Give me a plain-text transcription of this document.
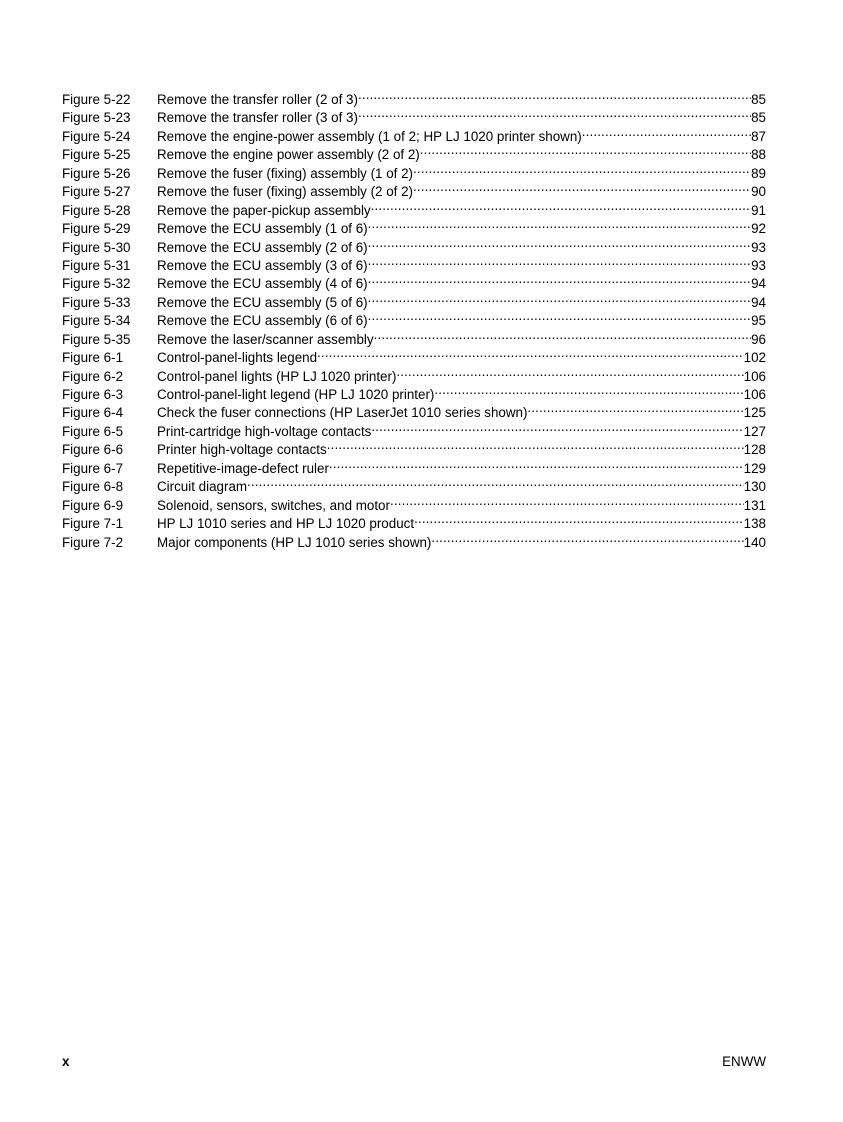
Figure 5-22	Remove the transfer roller (2 of 3) .....	85
Figure 5-23	Remove the transfer roller (3 of 3) .....	85
Figure 5-24	Remove the engine-power assembly (1 of 2; HP LJ 1020 printer shown) .....	87
Figure 5-25	Remove the engine power assembly (2 of 2) .....	88
Figure 5-26	Remove the fuser (fixing) assembly (1 of 2) .....	89
Figure 5-27	Remove the fuser (fixing) assembly (2 of 2) .....	90
Figure 5-28	Remove the paper-pickup assembly .....	91
Figure 5-29	Remove the ECU assembly (1 of 6) .....	92
Figure 5-30	Remove the ECU assembly (2 of 6) .....	93
Figure 5-31	Remove the ECU assembly (3 of 6) .....	93
Figure 5-32	Remove the ECU assembly (4 of 6) .....	94
Figure 5-33	Remove the ECU assembly (5 of 6) .....	94
Figure 5-34	Remove the ECU assembly (6 of 6) .....	95
Figure 5-35	Remove the laser/scanner assembly .....	96
Figure 6-1	Control-panel-lights legend .....	102
Figure 6-2	Control-panel lights (HP LJ 1020 printer) .....	106
Figure 6-3	Control-panel-light legend (HP LJ 1020 printer) .....	106
Figure 6-4	Check the fuser connections (HP LaserJet 1010 series shown) .....	125
Figure 6-5	Print-cartridge high-voltage contacts .....	127
Figure 6-6	Printer high-voltage contacts .....	128
Figure 6-7	Repetitive-image-defect ruler .....	129
Figure 6-8	Circuit diagram .....	130
Figure 6-9	Solenoid, sensors, switches, and motor .....	131
Figure 7-1	HP LJ 1010 series and HP LJ 1020 product .....	138
Figure 7-2	Major components (HP LJ 1010 series shown) .....	140
x	ENWW
